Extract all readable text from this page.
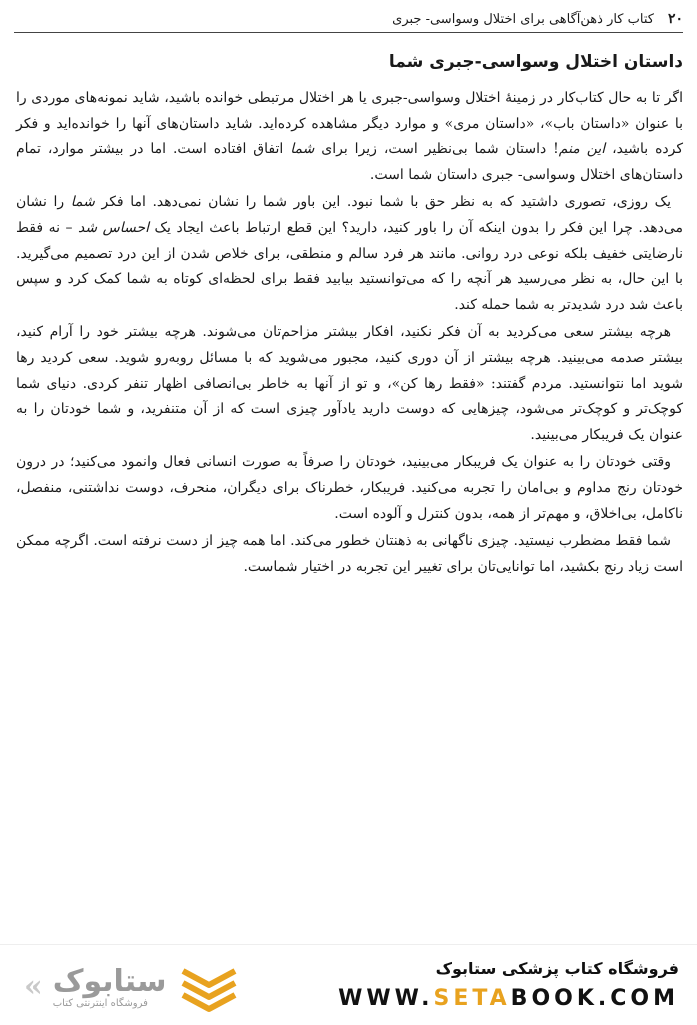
۲۰
کتاب کار ذهن‌آگاهی برای اختلال وسواسی- جبری
داستان اختلال وسواسی-جبری شما

اگر تا به حال کتاب‌کار در زمینهٔ اختلال وسواسی-جبری یا هر اختلال مرتبطی خوانده باشید، شاید نمونه‌های موردی را با عنوان «داستان باب»، «داستان مری» و موارد دیگر مشاهده کرده‌اید. شاید داستان‌های آنها را خوانده‌اید و فکر کرده باشید، این منم! داستان شما بی‌نظیر است، زیرا برای شما اتفاق افتاده است. اما در بیشتر موارد، تمام داستان‌های اختلال وسواسی- جبری داستان شما است.

یک روزی، تصوری داشتید که به نظر حق با شما نبود. این باور شما را نشان نمی‌دهد. اما فکر شما را نشان می‌دهد. چرا این فکر را بدون اینکه آن را باور کنید، دارید؟ این قطع ارتباط باعث ایجاد یک احساس شد – نه فقط نارضایتی خفیف بلکه نوعی درد روانی. مانند هر فرد سالم و منطقی، برای خلاص شدن از این درد تصمیم می‌گیرید. با این حال، به نظر می‌رسید هر آنچه را که می‌توانستید بیابید فقط برای لحظه‌ای کوتاه به شما کمک کرد و سپس باعث شد درد شدیدتر به شما حمله کند.

هرچه بیشتر سعی می‌کردید به آن فکر نکنید، افکار بیشتر مزاحم‌تان می‌شوند. هرچه بیشتر خود را آرام کنید، بیشتر صدمه می‌بینید. هرچه بیشتر از آن دوری کنید، مجبور می‌شوید که با مسائل روبه‌رو شوید. سعی کردید رها شوید اما نتوانستید. مردم گفتند: «فقط رها کن»، و تو از آنها به خاطر بی‌انصافی اظهار تنفر کردی. دنیای شما کوچک‌تر و کوچک‌تر می‌شود، چیزهایی که دوست دارید یادآور چیزی است که از آن متنفرید، و شما خودتان را به عنوان یک فریبکار می‌بینید.

وقتی خودتان را به عنوان یک فریبکار می‌بینید، خودتان را صرفاً به صورت انسانی فعال وانمود می‌کنید؛ در درون خودتان رنج مداوم و بی‌امان را تجربه می‌کنید. فریبکار، خطرناک برای دیگران، منحرف، دوست نداشتنی، منفصل، ناکامل، بی‌اخلاق، و مهم‌تر از همه، بدون کنترل و آلوده است.

شما فقط مضطرب نیستید. چیزی ناگهانی به ذهنتان خطور می‌کند. اما همه چیز از دست نرفته است. اگرچه ممکن است زیاد رنج بکشید، اما توانایی‌تان برای تغییر این تجربه در اختیار شماست.

« ستابوک
فروشگاه اینترنتی کتاب
فروشگاه کتاب پزشکی ستابوک
WWW.SETABOOK.COM
